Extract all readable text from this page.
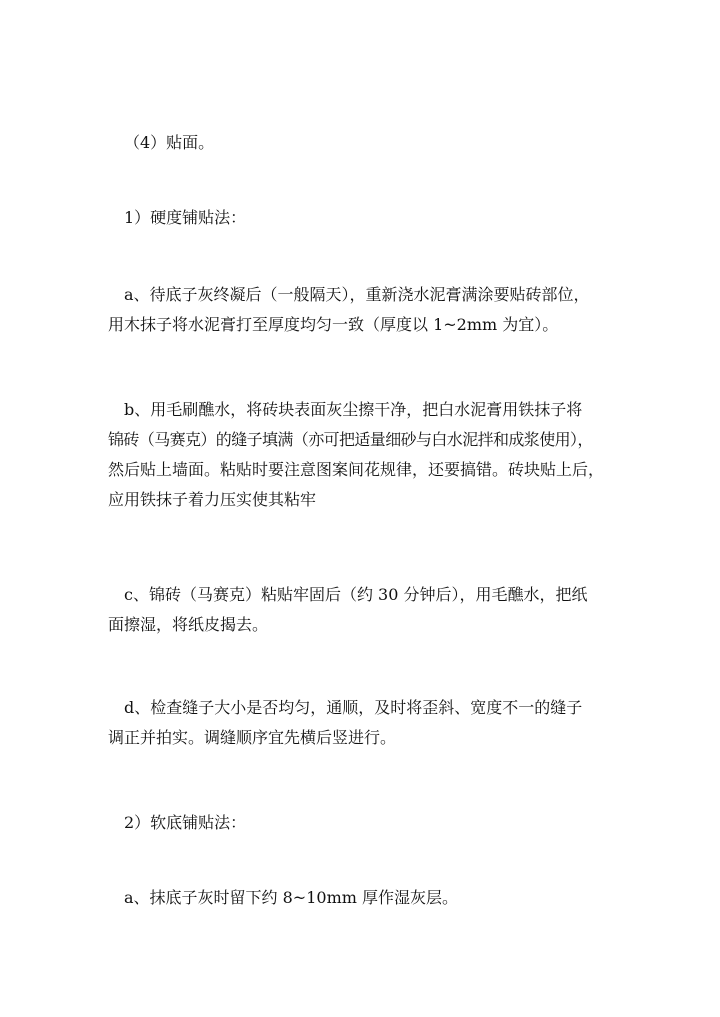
（4）贴面。

1）硬度铺贴法：

a、待底子灰终凝后（一般隔天），重新浇水泥膏满涂要贴砖部位，
用木抹子将水泥膏打至厚度均匀一致（厚度以 1~2mm 为宜）。
b、用毛刷醮水，将砖块表面灰尘擦干净，把白水泥膏用铁抹子将
锦砖（马赛克）的缝子填满（亦可把适量细砂与白水泥拌和成浆使用），
然后贴上墙面。粘贴时要注意图案间花规律，还要搞错。砖块贴上后，
应用铁抹子着力压实使其粘牢
c、锦砖（马赛克）粘贴牢固后（约 30 分钟后），用毛醮水，把纸
面擦湿，将纸皮揭去。
d、检查缝子大小是否均匀，通顺，及时将歪斜、宽度不一的缝子
调正并拍实。调缝顺序宜先横后竖进行。

2）软底铺贴法：

a、抹底子灰时留下约 8~10mm 厚作湿灰层。
